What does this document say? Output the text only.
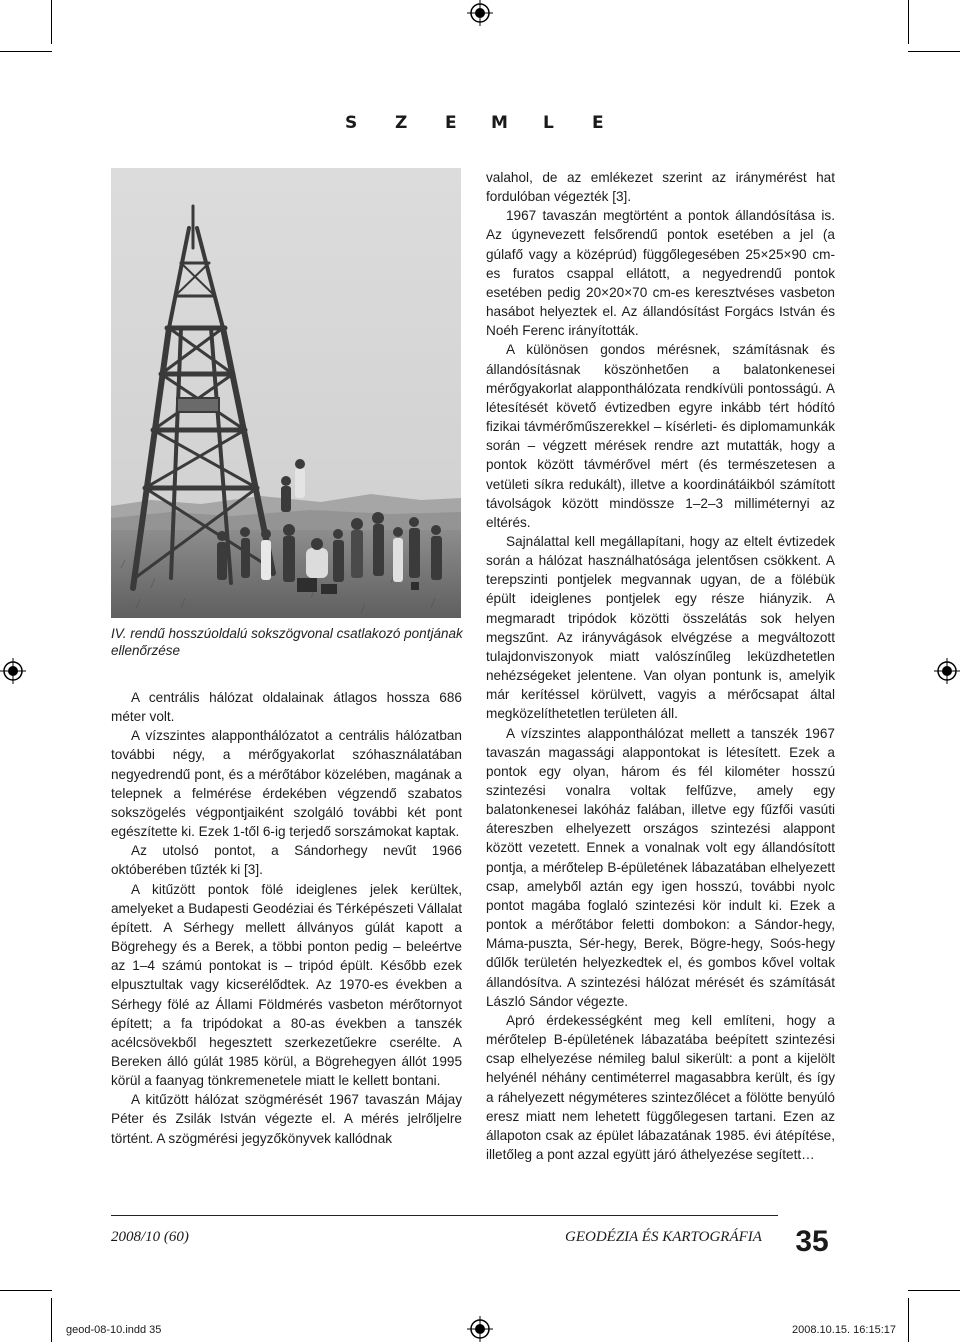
S Z E M L E
IV. rendű hosszúoldalú sokszögvonal csatlakozó pontjának ellenőrzése

A centrális hálózat oldalainak átlagos hossza 686 méter volt.

A vízszintes alapponthálózatot a centrális hálózatban további négy, a mérőgyakorlat szóhasználatában negyedrendű pont, és a mérőtábor közelében, magának a telepnek a felmérése érdekében végzendő szabatos sokszögelés végpontjaiként szolgáló további két pont egészítette ki. Ezek 1-től 6-ig terjedő sorszámokat kaptak.

Az utolsó pontot, a Sándorhegy nevűt 1966 októberében tűzték ki [3].

A kitűzött pontok fölé ideiglenes jelek kerültek, amelyeket a Budapesti Geodéziai és Térképészeti Vállalat épített. A Sérhegy mellett állványos gúlát kapott a Bögrehegy és a Berek, a többi ponton pedig – beleértve az 1–4 számú pontokat is – tripód épült. Később ezek elpusztultak vagy kicserélődtek. Az 1970-es években a Sérhegy fölé az Állami Földmérés vasbeton mérőtornyot épített; a fa tripódokat a 80-as években a tanszék acélcsövekből hegesztett szerkezetűekre cserélte. A Bereken álló gúlát 1985 körül, a Bögrehegyen állót 1995 körül a faanyag tönkremenetele miatt le kellett bontani.

A kitűzött hálózat szögmérését 1967 tavaszán Májay Péter és Zsilák István végezte el. A mérés jelrőljelre történt. A szögmérési jegyzőkönyvek kallódnak

valahol, de az emlékezet szerint az iránymérést hat fordulóban végezték [3].

1967 tavaszán megtörtént a pontok állandósítása is. Az úgynevezett felsőrendű pontok esetében a jel (a gúlafő vagy a középrúd) függőlegesében 25×25×90 cm-es furatos csappal ellátott, a negyedrendű pontok esetében pedig 20×20×70 cm-es keresztvéses vasbeton hasábot helyeztek el. Az állandósítást Forgács István és Noéh Ferenc irányították.

A különösen gondos mérésnek, számításnak és állandósításnak köszönhetően a balatonkenesei mérőgyakorlat alapponthálózata rendkívüli pontosságú. A létesítését követő évtizedben egyre inkább tért hódító fizikai távmérőműszerekkel – kísérleti- és diplomamunkák során – végzett mérések rendre azt mutatták, hogy a pontok között távmérővel mért (és természetesen a vetületi síkra redukált), illetve a koordinátáikból számított távolságok között mindössze 1–2–3 milliméternyi az eltérés.

Sajnálattal kell megállapítani, hogy az eltelt évtizedek során a hálózat használhatósága jelentősen csökkent. A terepszinti pontjelek megvannak ugyan, de a fölébük épült ideiglenes pontjelek egy része hiányzik. A megmaradt tripódok közötti összelátás sok helyen megszűnt. Az irányvágások elvégzése a megváltozott tulajdonviszonyok miatt valószínűleg leküzdhetetlen nehézségeket jelentene. Van olyan pontunk is, amelyik már kerítéssel körülvett, vagyis a mérőcsapat által megközelíthetetlen területen áll.

A vízszintes alapponthálózat mellett a tanszék 1967 tavaszán magassági alappontokat is létesített. Ezek a pontok egy olyan, három és fél kilométer hosszú szintezési vonalra voltak felfűzve, amely egy balatonkenesei lakóház falában, illetve egy fűzfői vasúti átereszben elhelyezett országos szintezési alappont között vezetett. Ennek a vonalnak volt egy állandósított pontja, a mérőtelep B-épületének lábazatában elhelyezett csap, amelyből aztán egy igen hosszú, további nyolc pontot magába foglaló szintezési kör indult ki. Ezek a pontok a mérőtábor feletti dombokon: a Sándor-hegy, Máma-puszta, Sér-hegy, Berek, Bögre-hegy, Soós-hegy dűlők területén helyezkedtek el, és gombos kővel voltak állandósítva. A szintezési hálózat mérését és számítását László Sándor végezte.

Apró érdekességként meg kell említeni, hogy a mérőtelep B-épületének lábazatába beépített szintezési csap elhelyezése némileg balul sikerült: a pont a kijelölt helyénél néhány centiméterrel magasabbra került, és így a ráhelyezett négyméteres szintezőlécet a fölötte benyúló eresz miatt nem lehetett függőlegesen tartani. Ezen az állapoton csak az épület lábazatának 1985. évi átépítése, illetőleg a pont azzal együtt járó áthelyezése segített…

2008/10 (60)	GEODÉZIA ÉS KARTOGRÁFIA 35
geod-08-10.indd 35	2008.10.15. 16:15:17
